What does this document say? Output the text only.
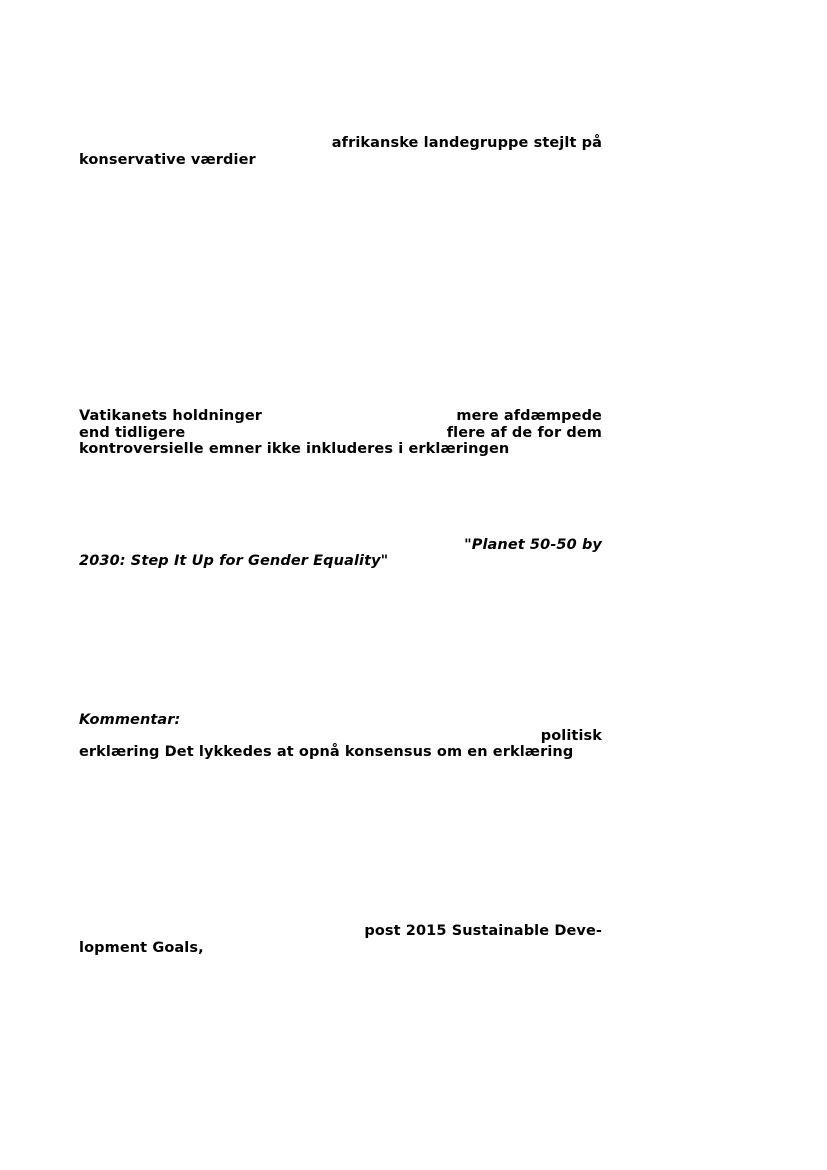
afrikanske landegruppe stejlt på
konservative værdier
Vatikanets holdninger	mere afdæmpede
end tidligere	flere af de for dem
kontroversielle emner ikke inkluderes i erklæringen
"Planet 50-50 by
2030: Step It Up for Gender Equality"
Kommentar:
politisk
erklæring Det lykkedes at opnå konsensus om en erklæring
post 2015 Sustainable Deve-
lopment Goals,
